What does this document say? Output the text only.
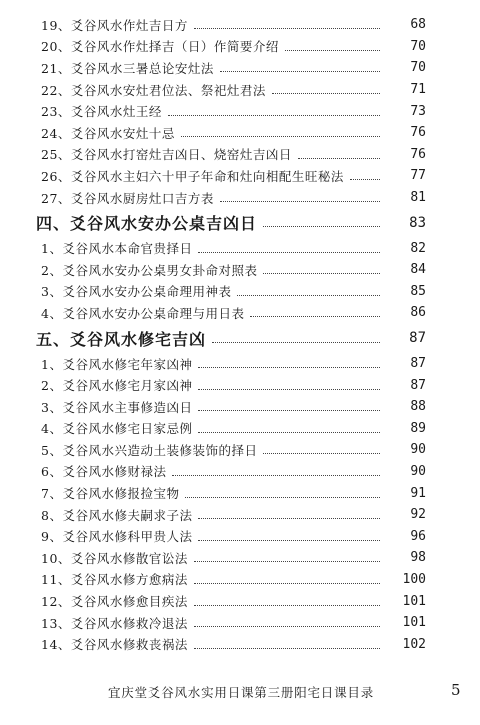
19、爻谷风水作灶吉日方	68
20、爻谷风水作灶择吉（日）作简要介绍	70
21、爻谷风水三暑总论安灶法	70
22、爻谷风水安灶君位法、祭祀灶君法	71
23、爻谷风水灶王经	73
24、爻谷风水安灶十忌	76
25、爻谷风水打窑灶吉凶日、烧窑灶吉凶日	76
26、爻谷风水主妇六十甲子年命和灶向相配生旺秘法	77
27、爻谷风水厨房灶口吉方表	81
四、爻谷风水安办公桌吉凶日	83
1、爻谷风水本命官贵择日	82
2、爻谷风水安办公桌男女卦命对照表	84
3、爻谷风水安办公桌命理用神表	85
4、爻谷风水安办公桌命理与用日表	86
五、爻谷风水修宅吉凶	87
1、爻谷风水修宅年家凶神	87
2、爻谷风水修宅月家凶神	87
3、爻谷风水主事修造凶日	88
4、爻谷风水修宅日家忌例	89
5、爻谷风水兴造动土装修装饰的择日	90
6、爻谷风水修财禄法	90
7、爻谷风水修报捡宝物	91
8、爻谷风水修夫嗣求子法	92
9、爻谷风水修科甲贵人法	96
10、爻谷风水修散官讼法	98
11、爻谷风水修方愈病法	100
12、爻谷风水修愈目疾法	101
13、爻谷风水修救冷退法	101
14、爻谷风水修救丧祸法	102
宜庆堂爻谷风水实用日课第三册阳宅日课目录	5
